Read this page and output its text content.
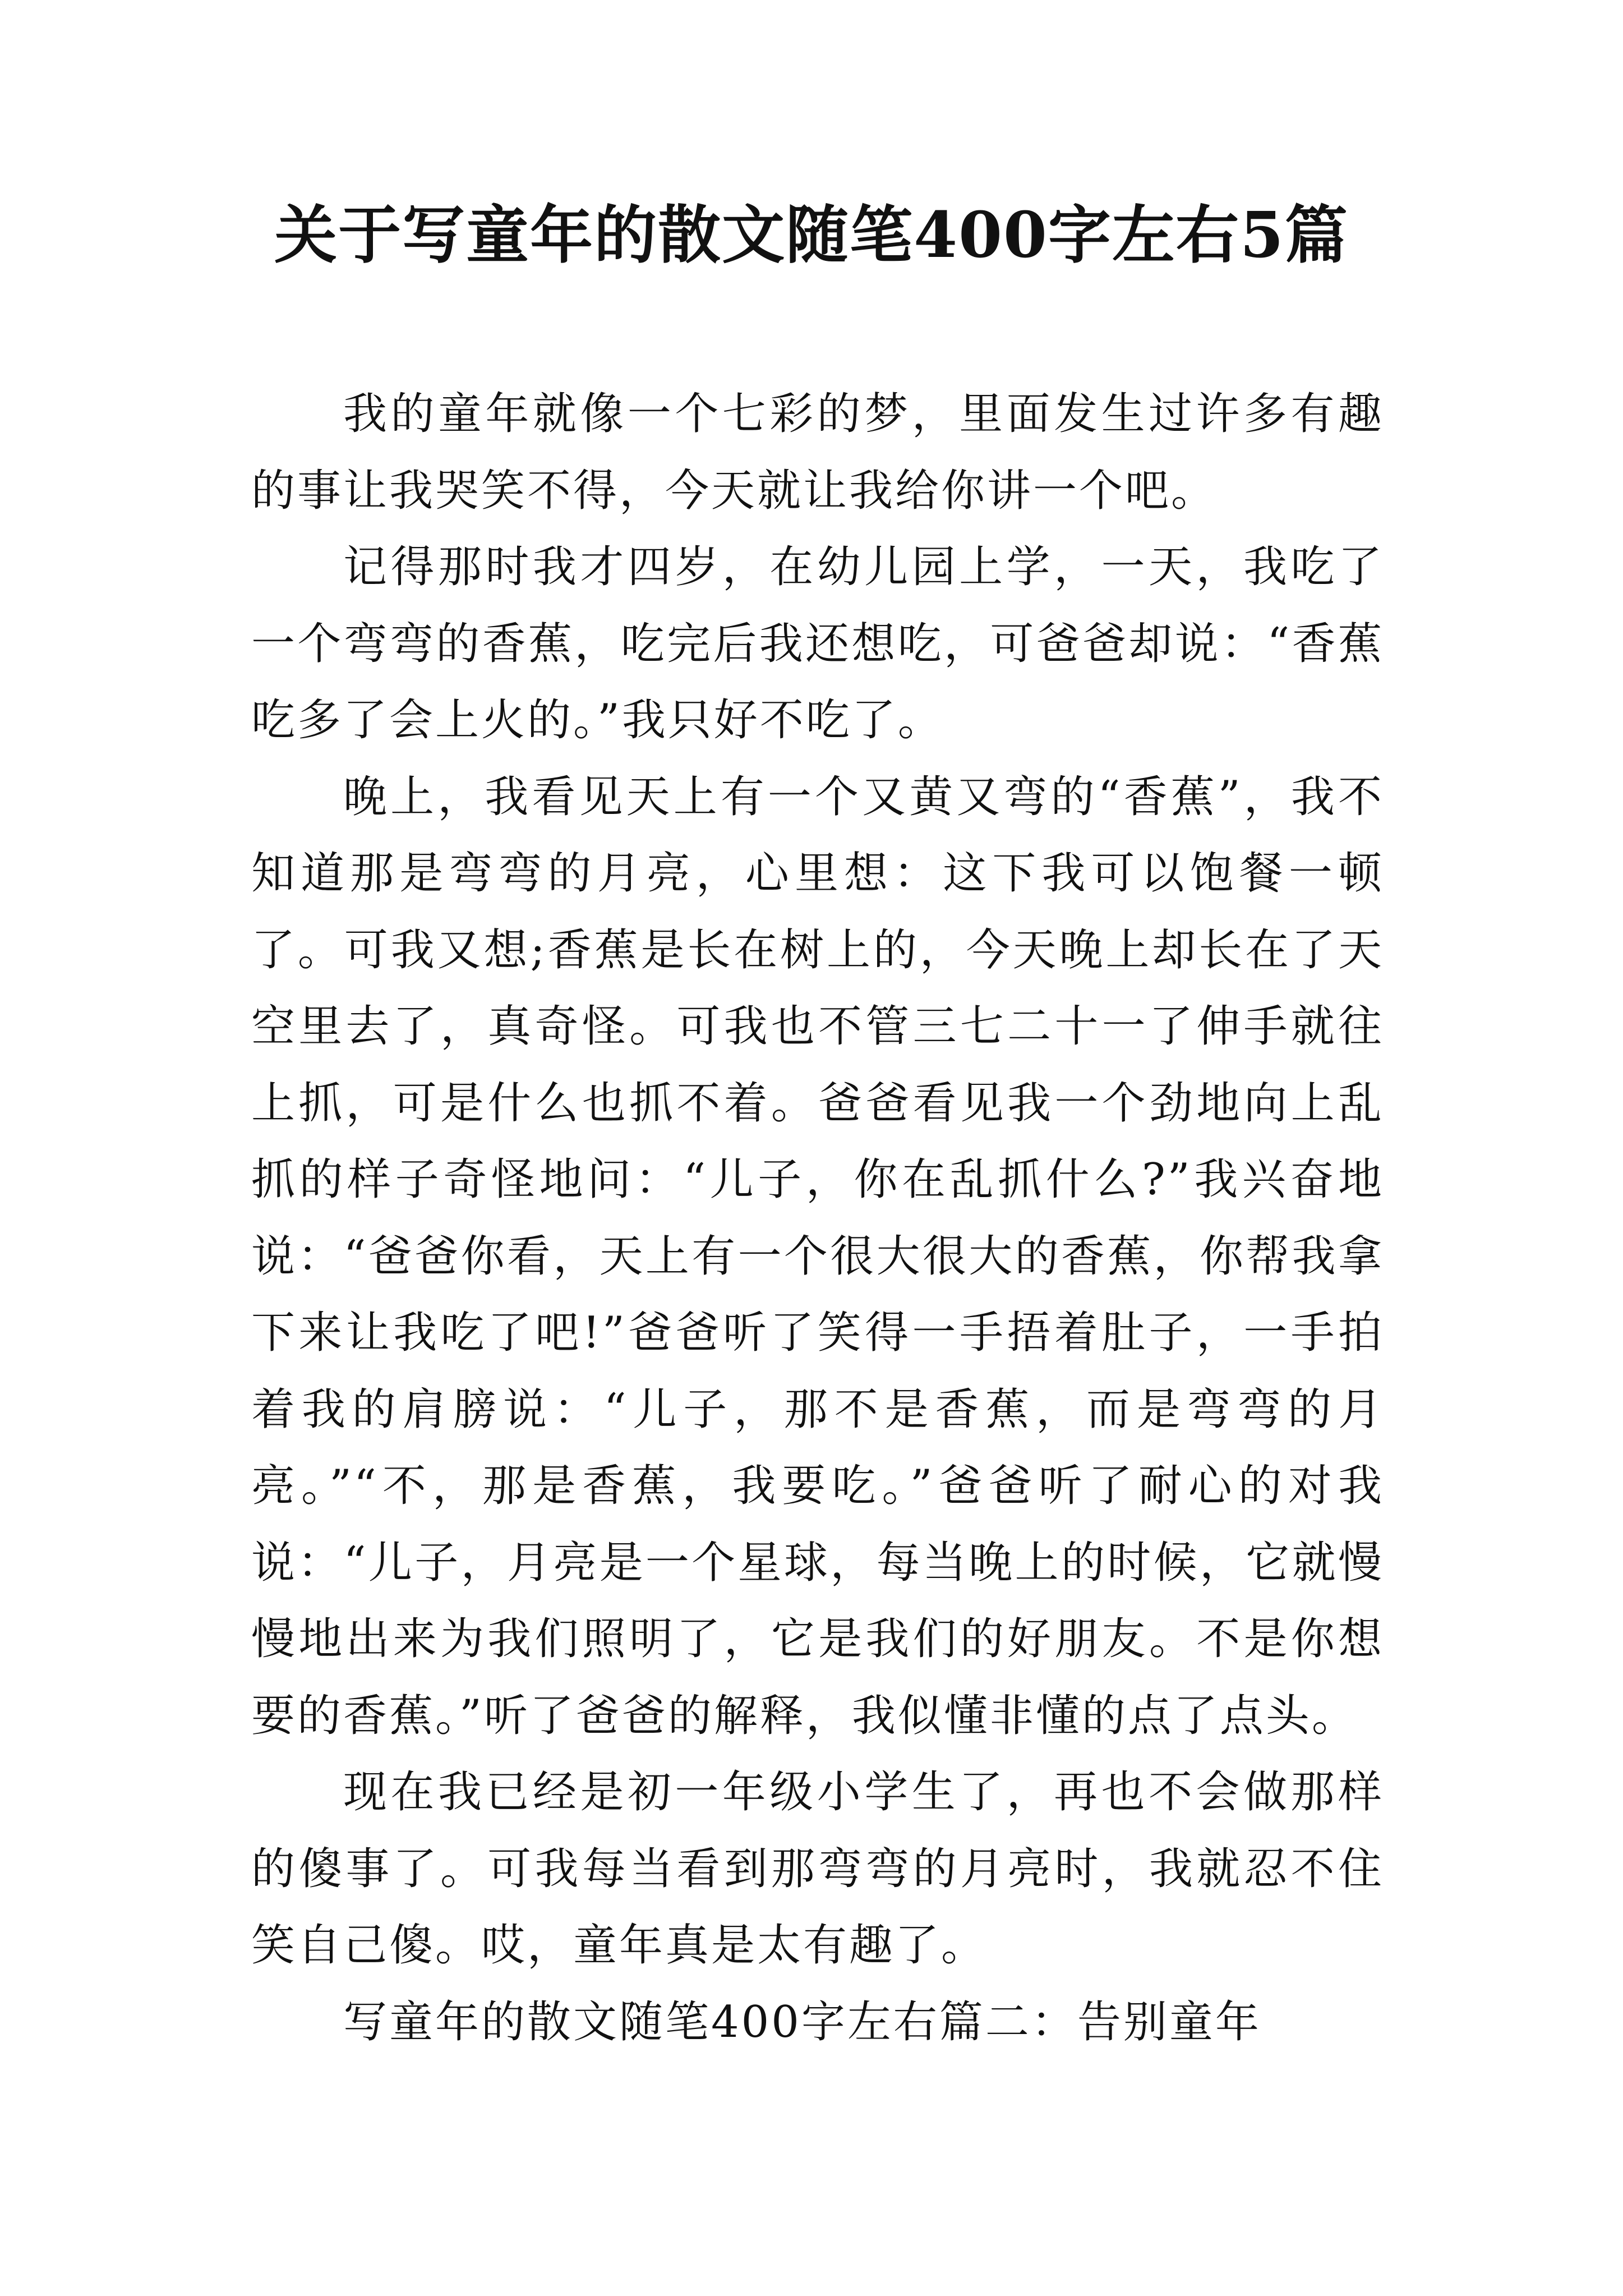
关于写童年的散文随笔400字左右5篇

我的童年就像一个七彩的梦，里面发生过许多有趣的事让我哭笑不得，今天就让我给你讲一个吧。

记得那时我才四岁，在幼儿园上学，一天，我吃了一个弯弯的香蕉，吃完后我还想吃，可爸爸却说：“香蕉吃多了会上火的。”我只好不吃了。

晚上，我看见天上有一个又黄又弯的“香蕉”，我不知道那是弯弯的月亮，心里想：这下我可以饱餐一顿了。可我又想;香蕉是长在树上的，今天晚上却长在了天空里去了，真奇怪。可我也不管三七二十一了伸手就往上抓，可是什么也抓不着。爸爸看见我一个劲地向上乱抓的样子奇怪地问：“儿子，你在乱抓什么?”我兴奋地说：“爸爸你看，天上有一个很大很大的香蕉，你帮我拿下来让我吃了吧!”爸爸听了笑得一手捂着肚子，一手拍着我的肩膀说：“儿子，那不是香蕉，而是弯弯的月亮。”“不，那是香蕉，我要吃。”爸爸听了耐心的对我说：“儿子，月亮是一个星球，每当晚上的时候，它就慢慢地出来为我们照明了，它是我们的好朋友。不是你想要的香蕉。”听了爸爸的解释，我似懂非懂的点了点头。

现在我已经是初一年级小学生了，再也不会做那样的傻事了。可我每当看到那弯弯的月亮时，我就忍不住笑自己傻。哎，童年真是太有趣了。

写童年的散文随笔400字左右篇二：告别童年
